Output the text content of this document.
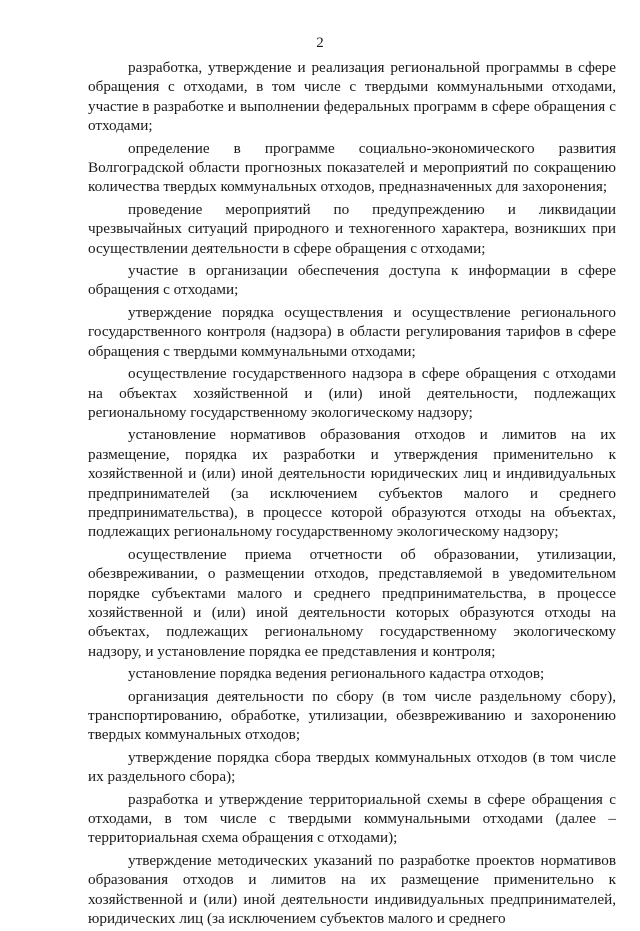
2

разработка, утверждение и реализация региональной программы в сфере обращения с отходами, в том числе с твердыми коммунальными отходами, участие в разработке и выполнении федеральных программ в сфере обращения с отходами;

определение в программе социально-экономического развития Волгоградской области прогнозных показателей и мероприятий по сокращению количества твердых коммунальных отходов, предназначенных для захоронения;

проведение мероприятий по предупреждению и ликвидации чрезвычайных ситуаций природного и техногенного характера, возникших при осуществлении деятельности в сфере обращения с отходами;

участие в организации обеспечения доступа к информации в сфере обращения с отходами;

утверждение порядка осуществления и осуществление регионального государственного контроля (надзора) в области регулирования тарифов в сфере обращения с твердыми коммунальными отходами;

осуществление государственного надзора в сфере обращения с отходами на объектах хозяйственной и (или) иной деятельности, подлежащих региональному государственному экологическому надзору;

установление нормативов образования отходов и лимитов на их размещение, порядка их разработки и утверждения применительно к хозяйственной и (или) иной деятельности юридических лиц и индивидуальных предпринимателей (за исключением субъектов малого и среднего предпринимательства), в процессе которой образуются отходы на объектах, подлежащих региональному государственному экологическому надзору;

осуществление приема отчетности об образовании, утилизации, обезвреживании, о размещении отходов, представляемой в уведомительном порядке субъектами малого и среднего предпринимательства, в процессе хозяйственной и (или) иной деятельности которых образуются отходы на объектах, подлежащих региональному государственному экологическому надзору, и установление порядка ее представления и контроля;

установление порядка ведения регионального кадастра отходов;

организация деятельности по сбору (в том числе раздельному сбору), транспортированию, обработке, утилизации, обезвреживанию и захоронению твердых коммунальных отходов;

утверждение порядка сбора твердых коммунальных отходов (в том числе их раздельного сбора);

разработка и утверждение территориальной схемы в сфере обращения с отходами, в том числе с твердыми коммунальными отходами (далее – территориальная схема обращения с отходами);

утверждение методических указаний по разработке проектов нормативов образования отходов и лимитов на их размещение применительно к хозяйственной и (или) иной деятельности индивидуальных предпринимателей, юридических лиц (за исключением субъектов малого и среднего
